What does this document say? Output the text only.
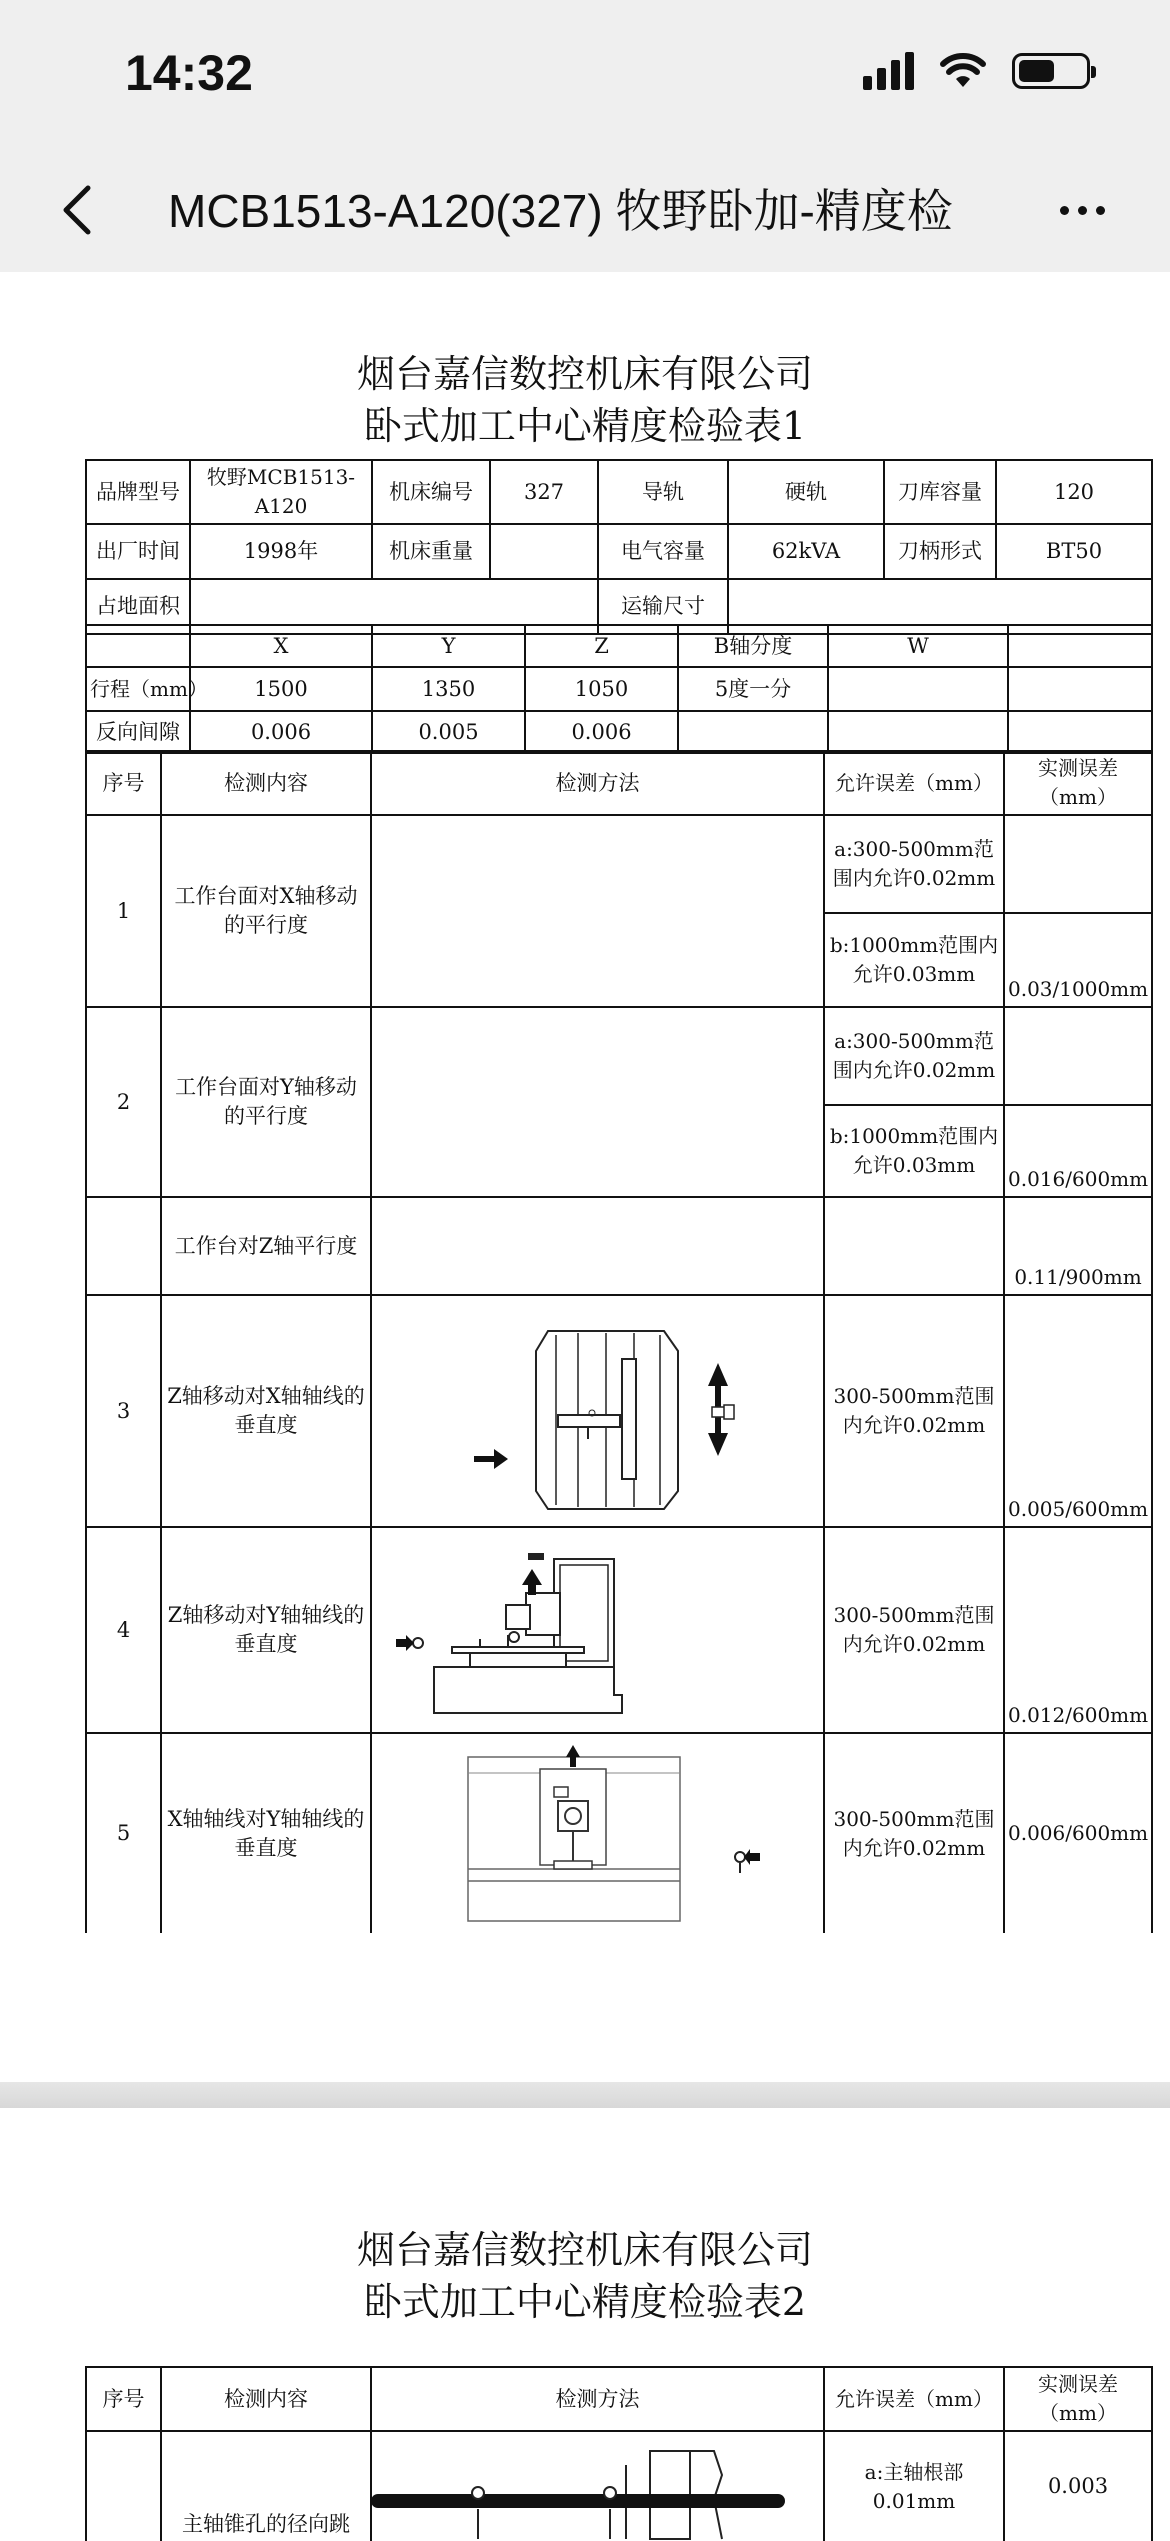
14:32
MCB1513-A120(327) 牧野卧加-精度检
烟台嘉信数控机床有限公司
卧式加工中心精度检验表1
品牌型号	牧野MCB1513-A120	机床编号	327	导轨	硬轨	刀库容量	120
出厂时间	1998年	机床重量		电气容量	62kVA	刀柄形式	BT50
占地面积				运输尺寸			
	X	Y	Z	B轴分度	W	
行程（mm）	1500	1350	1050	5度一分		
反向间隙	0.006	0.005	0.006			
序号	检测内容	检测方法	允许误差（mm）	实测误差（mm）
1	工作台面对X轴移动的平行度		a:300-500mm范围内允许0.02mm	
			b:1000mm范围内允许0.03mm	0.03/1000mm
2	工作台面对Y轴移动的平行度		a:300-500mm范围内允许0.02mm	
			b:1000mm范围内允许0.03mm	0.016/600mm
	工作台对Z轴平行度			0.11/900mm
3	Z轴移动对X轴轴线的垂直度		300-500mm范围内允许0.02mm	0.005/600mm
4	Z轴移动对Y轴轴线的垂直度		300-500mm范围内允许0.02mm	0.012/600mm
5	X轴轴线对Y轴轴线的垂直度		300-500mm范围内允许0.02mm	0.006/600mm
烟台嘉信数控机床有限公司
卧式加工中心精度检验表2
序号	检测内容	检测方法	允许误差（mm）	实测误差（mm）
	主轴锥孔的径向跳		a:主轴根部0.01mm	0.003
